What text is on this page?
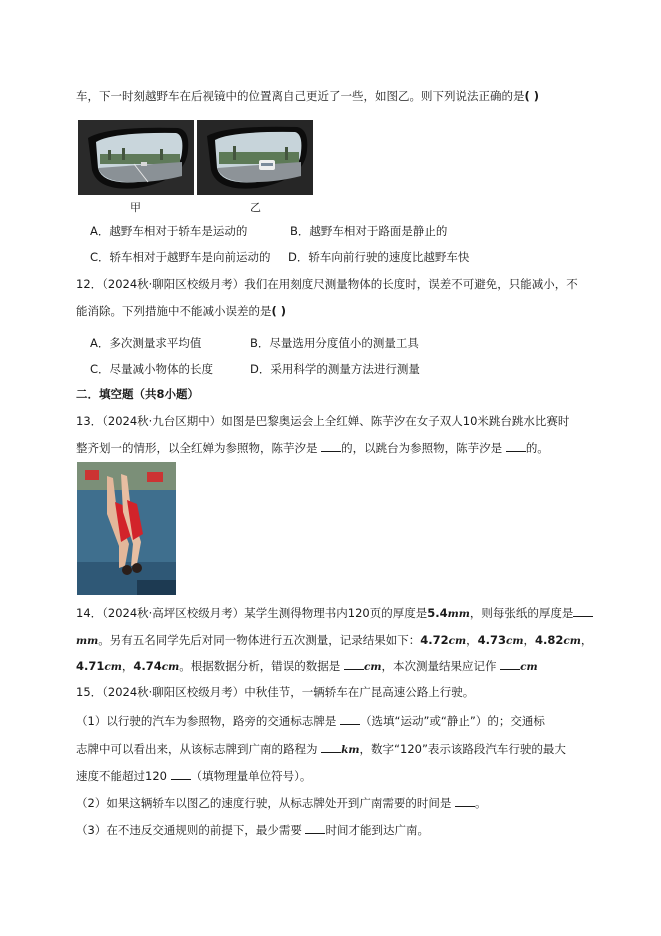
车，下一时刻越野车在后视镜中的位置离自己更近了一些，如图乙。则下列说法正确的是( )
甲	乙
A．越野车相对于轿车是运动的	B．越野车相对于路面是静止的
C．轿车相对于越野车是向前运动的 D．轿车向前行驶的速度比越野车快
12．（2024秋·聊阳区校级月考）我们在用刻度尺测量物体的长度时，误差不可避免，只能减小，不
能消除。下列措施中不能减小误差的是( )
A．多次测量求平均值	B．尽量选用分度值小的测量工具
C．尽量减小物体的长度	D．采用科学的测量方法进行测量
二．填空题（共8小题）
13．（2024秋·九台区期中）如图是巴黎奥运会上全红婵、陈芋汐在女子双人10米跳台跳水比赛时
整齐划一的情形，以全红婵为参照物，陈芋汐是 的，以跳台为参照物，陈芋汐是 的。
14．（2024秋·高坪区校级月考）某学生测得物理书内120页的厚度是5.4mm，则每张纸的厚度是
mm。另有五名同学先后对同一物体进行五次测量，记录结果如下：4.72cm，4.73cm，4.82cm，
4.71cm，4.74cm。根据数据分析，错误的数据是 cm，本次测量结果应记作 cm
15．（2024秋·聊阳区校级月考）中秋佳节，一辆轿车在广昆高速公路上行驶。
（1）以行驶的汽车为参照物，路旁的交通标志牌是 （选填“运动”或“静止”）的；交通标
志牌中可以看出来，从该标志牌到广南的路程为 km，数字“120”表示该路段汽车行驶的最大
速度不能超过120 （填物理量单位符号）。
（2）如果这辆轿车以图乙的速度行驶，从标志牌处开到广南需要的时间是 。
（3）在不违反交通规则的前提下，最少需要 时间才能到达广南。
